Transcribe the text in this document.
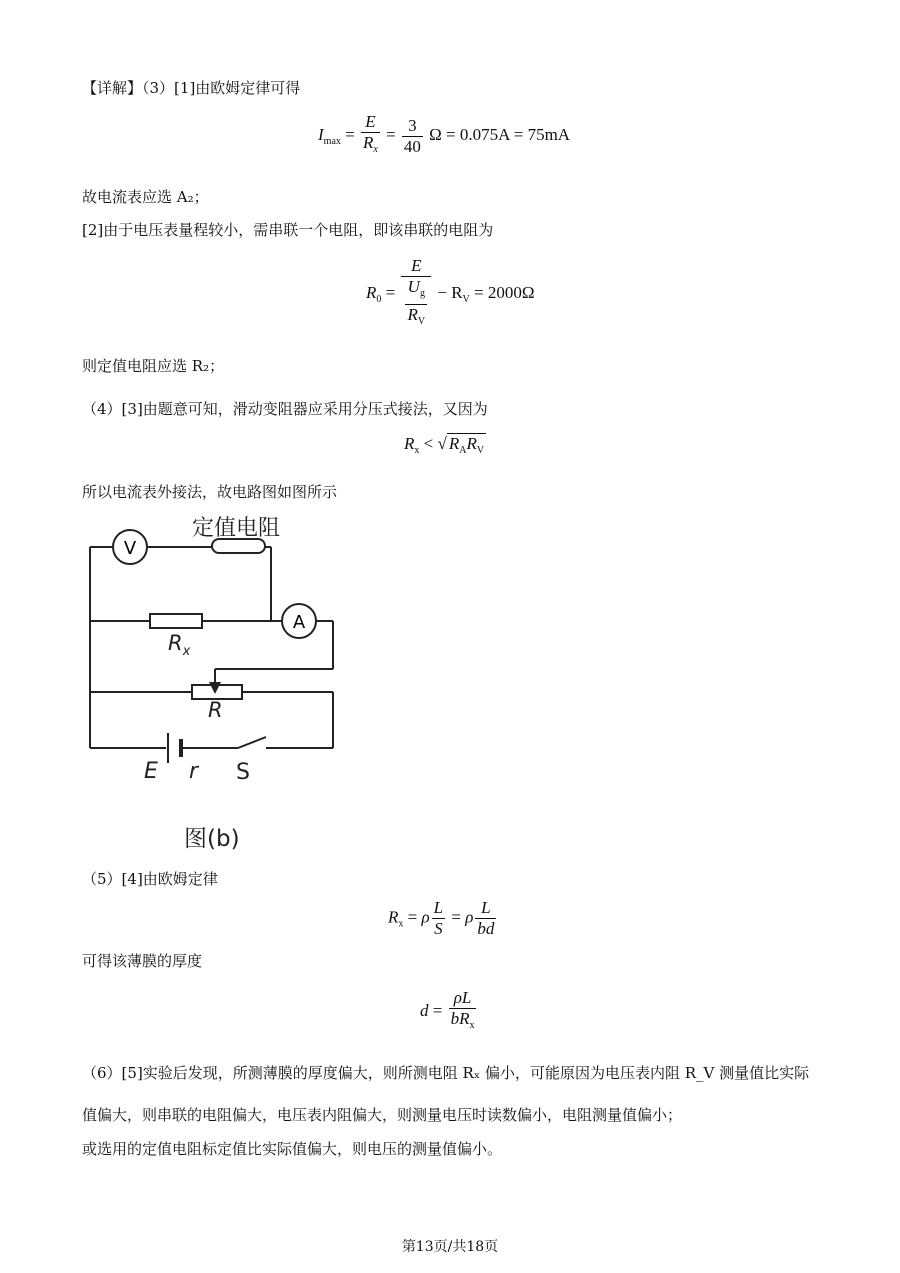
【详解】（3）[1]由欧姆定律可得
$I_{max} = \frac{E}{R_x} = \frac{3}{40}$ Ω = 0.075A = 75mA
故电流表应选 A₂；
[2]由于电压表量程较小，需串联一个电阻，即该串联的电阻为
$R_0 = \frac{E}{\frac{U_g}{R_V}} - R_V = 2000\Omega$
则定值电阻应选 R₂；
（4）[3]由题意可知，滑动变阻器应采用分压式接法，又因为
$R_x$ < √ $R_AR_V$
所以电流表外接法，故电路图如图所示
V
定值电阻
A
$R_x$
R
E r S
图(b)
（5）[4]由欧姆定律
$R_x = \rho \frac{L}{S} = \rho \frac{L}{bd}$
可得该薄膜的厚度
$d = \frac{\rho L}{bR_x}$
（6）[5]实验后发现，所测薄膜的厚度偏大，则所测电阻 Rₓ 偏小，可能原因为电压表内阻 R_V 测量值比实际
值偏大，则串联的电阻偏大，电压表内阻偏大，则测量电压时读数偏小，电阻测量值偏小；
或选用的定值电阻标定值比实际值偏大，则电压的测量值偏小。
第13页/共18页
